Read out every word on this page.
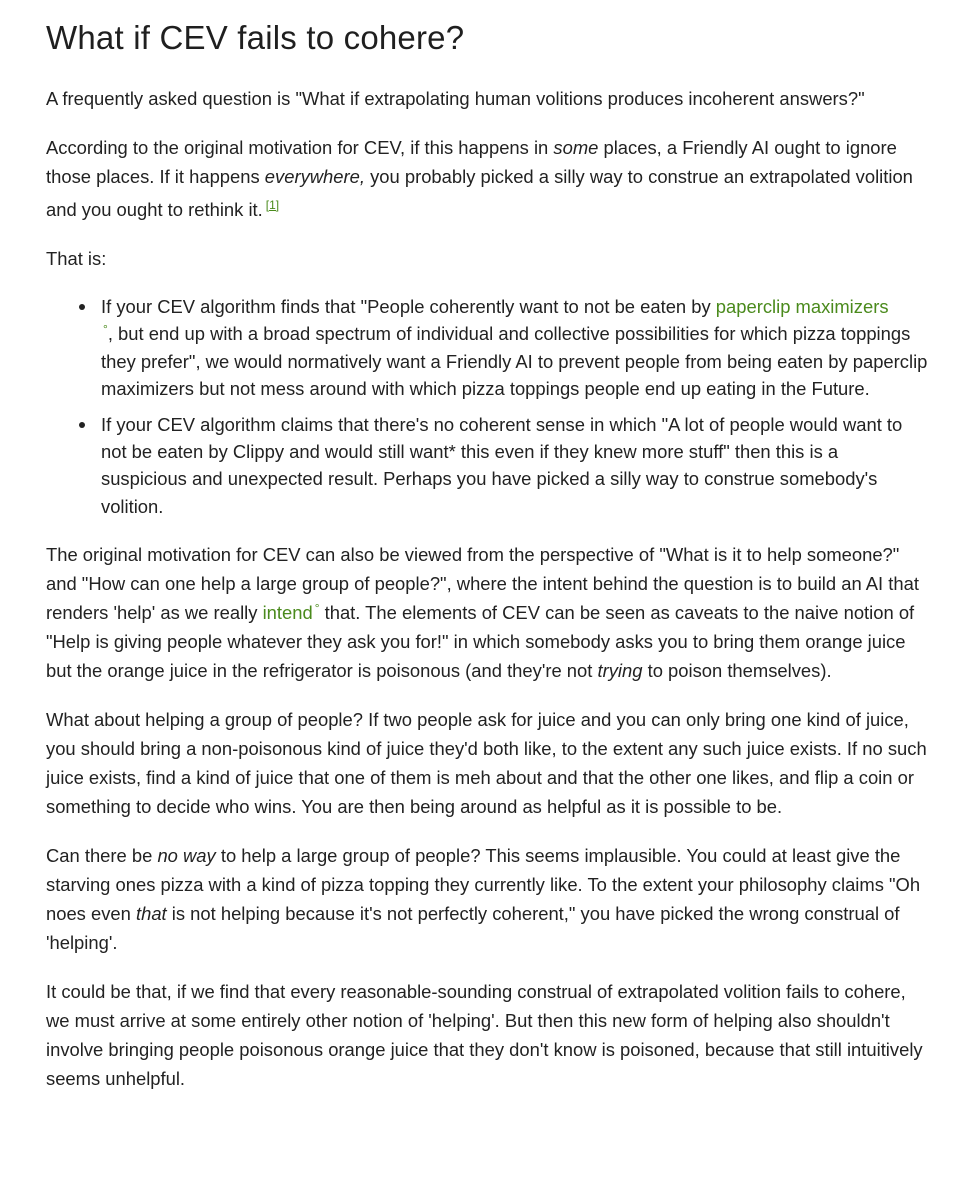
What if CEV fails to cohere?

A frequently asked question is "What if extrapolating human volitions produces incoherent answers?"

According to the original motivation for CEV, if this happens in some places, a Friendly AI ought to ignore those places. If it happens everywhere, you probably picked a silly way to construe an extrapolated volition and you ought to rethink it. [1]

That is:

If your CEV algorithm finds that "People coherently want to not be eaten by paperclip maximizers
°, but end up with a broad spectrum of individual and collective possibilities for which pizza toppings they prefer", we would normatively want a Friendly AI to prevent people from being eaten by paperclip maximizers but not mess around with which pizza toppings people end up eating in the Future.
If your CEV algorithm claims that there's no coherent sense in which "A lot of people would want to not be eaten by Clippy and would still want* this even if they knew more stuff" then this is a suspicious and unexpected result. Perhaps you have picked a silly way to construe somebody's volition.

The original motivation for CEV can also be viewed from the perspective of "What is it to help someone?" and "How can one help a large group of people?", where the intent behind the question is to build an AI that renders 'help' as we really intend ° that. The elements of CEV can be seen as caveats to the naive notion of "Help is giving people whatever they ask you for!" in which somebody asks you to bring them orange juice but the orange juice in the refrigerator is poisonous (and they're not trying to poison themselves).

What about helping a group of people? If two people ask for juice and you can only bring one kind of juice, you should bring a non-poisonous kind of juice they'd both like, to the extent any such juice exists. If no such juice exists, find a kind of juice that one of them is meh about and that the other one likes, and flip a coin or something to decide who wins. You are then being around as helpful as it is possible to be.

Can there be no way to help a large group of people? This seems implausible. You could at least give the starving ones pizza with a kind of pizza topping they currently like. To the extent your philosophy claims "Oh noes even that is not helping because it's not perfectly coherent," you have picked the wrong construal of 'helping'.

It could be that, if we find that every reasonable-sounding construal of extrapolated volition fails to cohere, we must arrive at some entirely other notion of 'helping'. But then this new form of helping also shouldn't involve bringing people poisonous orange juice that they don't know is poisoned, because that still intuitively seems unhelpful.
